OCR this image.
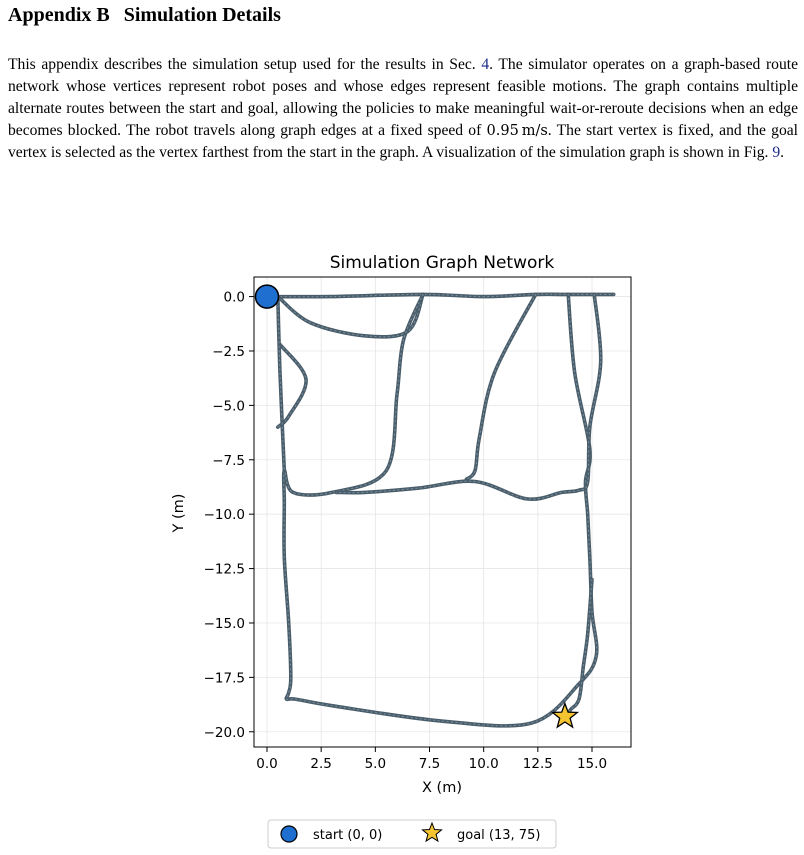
Appendix B Simulation Details
This appendix describes the simulation setup used for the results in Sec. 4. The simulator operates on a graph-based route network whose vertices represent robot poses and whose edges represent feasible motions. The graph contains multiple alternate routes between the start and goal, allowing the policies to make meaningful wait-or-reroute decisions when an edge becomes blocked. The robot travels along graph edges at a fixed speed of 0.95 m/s. The start vertex is fixed, and the goal vertex is selected as the vertex farthest from the start in the graph. A visualization of the simulation graph is shown in Fig. 9.
Simulation Graph Network
0.0 2.5 5.0 7.5 10.0 12.5 15.0
0.0
−2.5
−5.0
−7.5
−10.0
−12.5
−15.0
−17.5
−20.0
X (m)
Y (m)
start (0, 0)	goal (13, 75)
